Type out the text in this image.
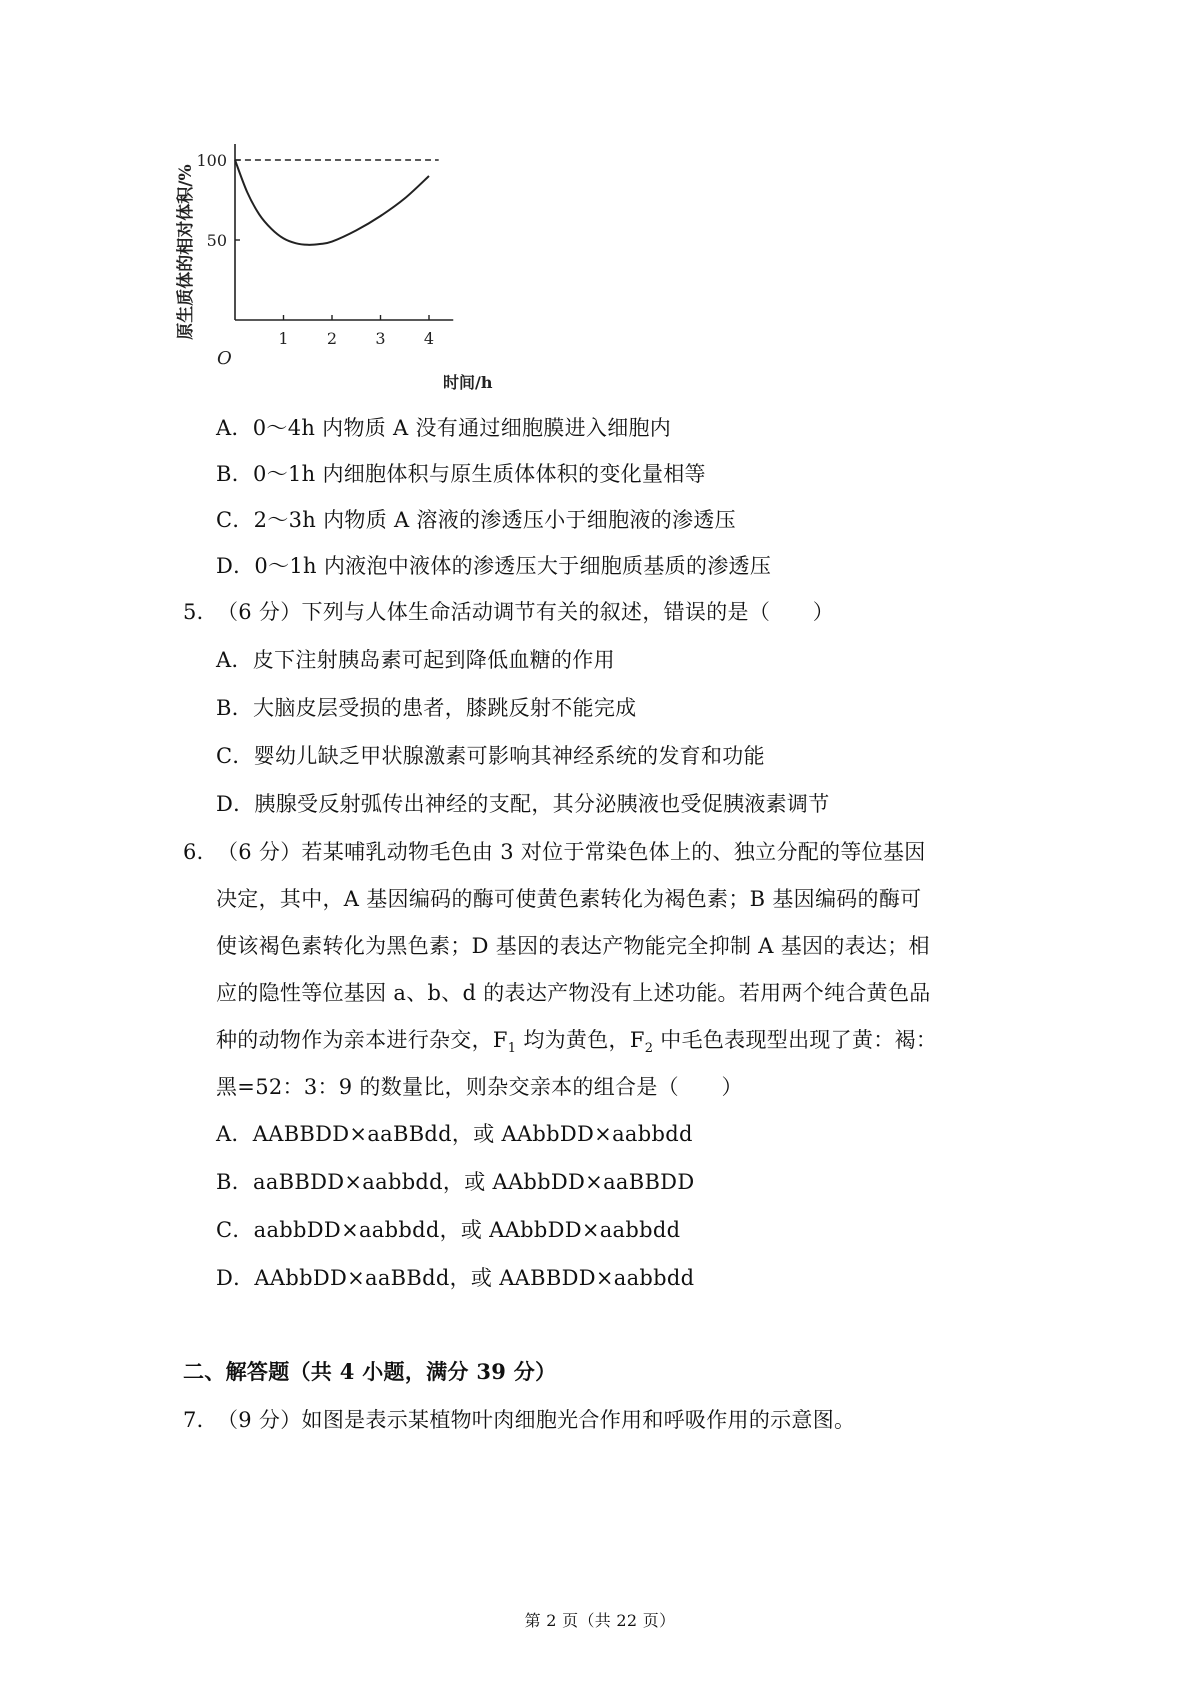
1 2 3 4
50
100
原生质体的相对体积/%
时间/h
O
A．0～4h 内物质 A 没有通过细胞膜进入细胞内
B．0～1h 内细胞体积与原生质体体积的变化量相等
C．2～3h 内物质 A 溶液的渗透压小于细胞液的渗透压
D．0～1h 内液泡中液体的渗透压大于细胞质基质的渗透压
5．（6 分）下列与人体生命活动调节有关的叙述，错误的是（　　）
A．皮下注射胰岛素可起到降低血糖的作用
B．大脑皮层受损的患者，膝跳反射不能完成
C．婴幼儿缺乏甲状腺激素可影响其神经系统的发育和功能
D．胰腺受反射弧传出神经的支配，其分泌胰液也受促胰液素调节
6．（6 分）若某哺乳动物毛色由 3 对位于常染色体上的、独立分配的等位基因
决定，其中，A 基因编码的酶可使黄色素转化为褐色素；B 基因编码的酶可
使该褐色素转化为黑色素；D 基因的表达产物能完全抑制 A 基因的表达；相
应的隐性等位基因 a、b、d 的表达产物没有上述功能。若用两个纯合黄色品
种的动物作为亲本进行杂交，$F_1$ 均为黄色，$F_2$ 中毛色表现型出现了黄：褐：
黑=52：3：9 的数量比，则杂交亲本的组合是（　　）
A．AABBDD×aaBBdd，或 AAbbDD×aabbdd
B．aaBBDD×aabbdd，或 AAbbDD×aaBBDD
C．aabbDD×aabbdd，或 AAbbDD×aabbdd
D．AAbbDD×aaBBdd，或 AABBDD×aabbdd
二、解答题（共 4 小题，满分 39 分）
7．（9 分）如图是表示某植物叶肉细胞光合作用和呼吸作用的示意图。
第 2 页（共 22 页）
